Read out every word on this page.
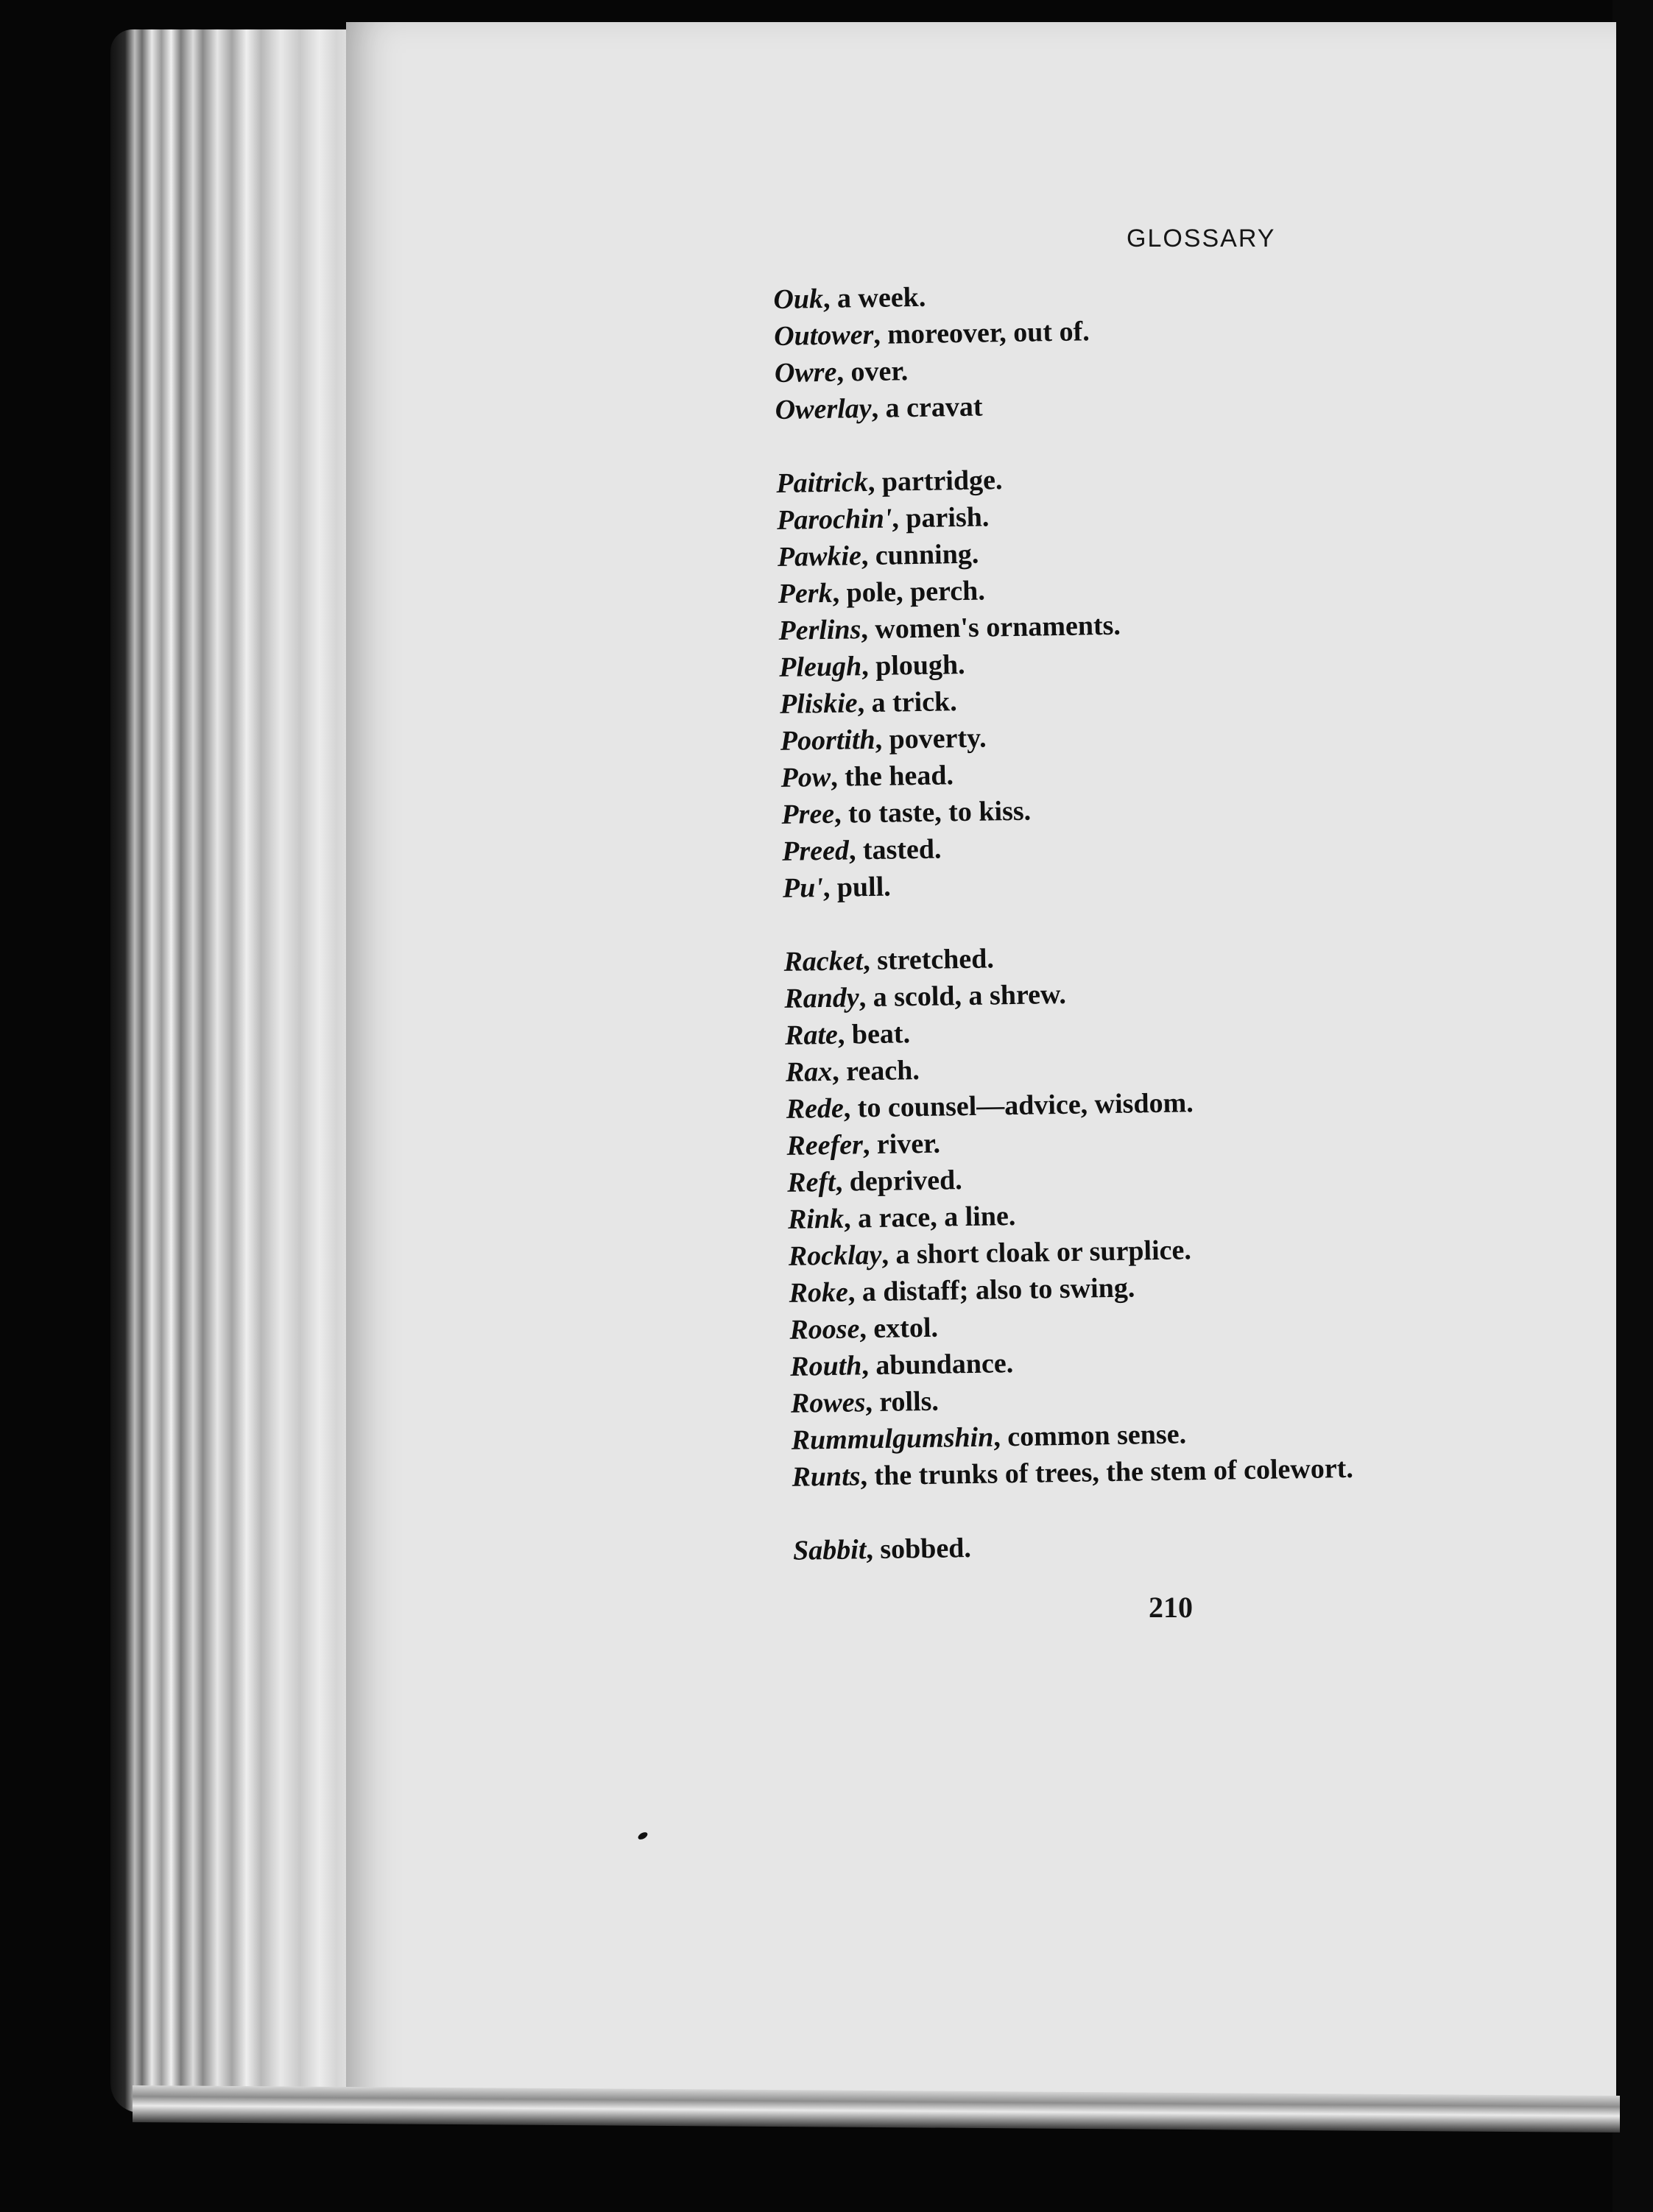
GLOSSARY
Ouk, a week.
Outower, moreover, out of.
Owre, over.
Owerlay, a cravat
Paitrick, partridge.
Parochin', parish.
Pawkie, cunning.
Perk, pole, perch.
Perlins, women's ornaments.
Pleugh, plough.
Pliskie, a trick.
Poortith, poverty.
Pow, the head.
Pree, to taste, to kiss.
Preed, tasted.
Pu', pull.
Racket, stretched.
Randy, a scold, a shrew.
Rate, beat.
Rax, reach.
Rede, to counsel—advice, wisdom.
Reefer, river.
Reft, deprived.
Rink, a race, a line.
Rocklay, a short cloak or surplice.
Roke, a distaff; also to swing.
Roose, extol.
Routh, abundance.
Rowes, rolls.
Rummulgumshin, common sense.
Runts, the trunks of trees, the stem of colewort.
Sabbit, sobbed.
210
